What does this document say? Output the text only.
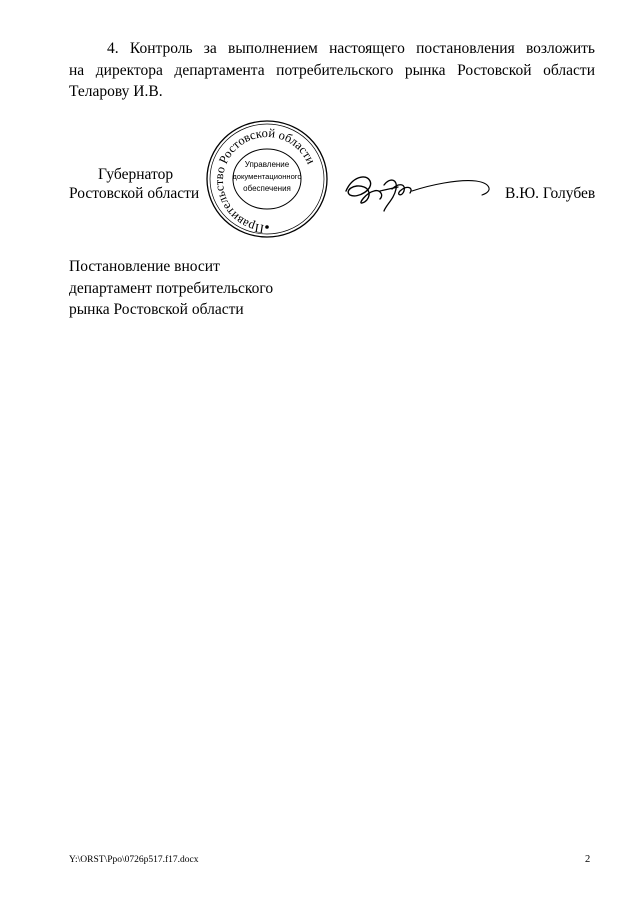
4. Контроль за выполнением настоящего постановления возложить
на директора департамента потребительского рынка Ростовской области
Теларову И.В.
Губернатор
Ростовской области
Правительство Ростовской области
Управление
документационного
обеспечения	В.Ю. Голубев
Постановление вносит
департамент потребительского
рынка Ростовской области
Y:\ORST\Ppo\0726p517.f17.docx	2
